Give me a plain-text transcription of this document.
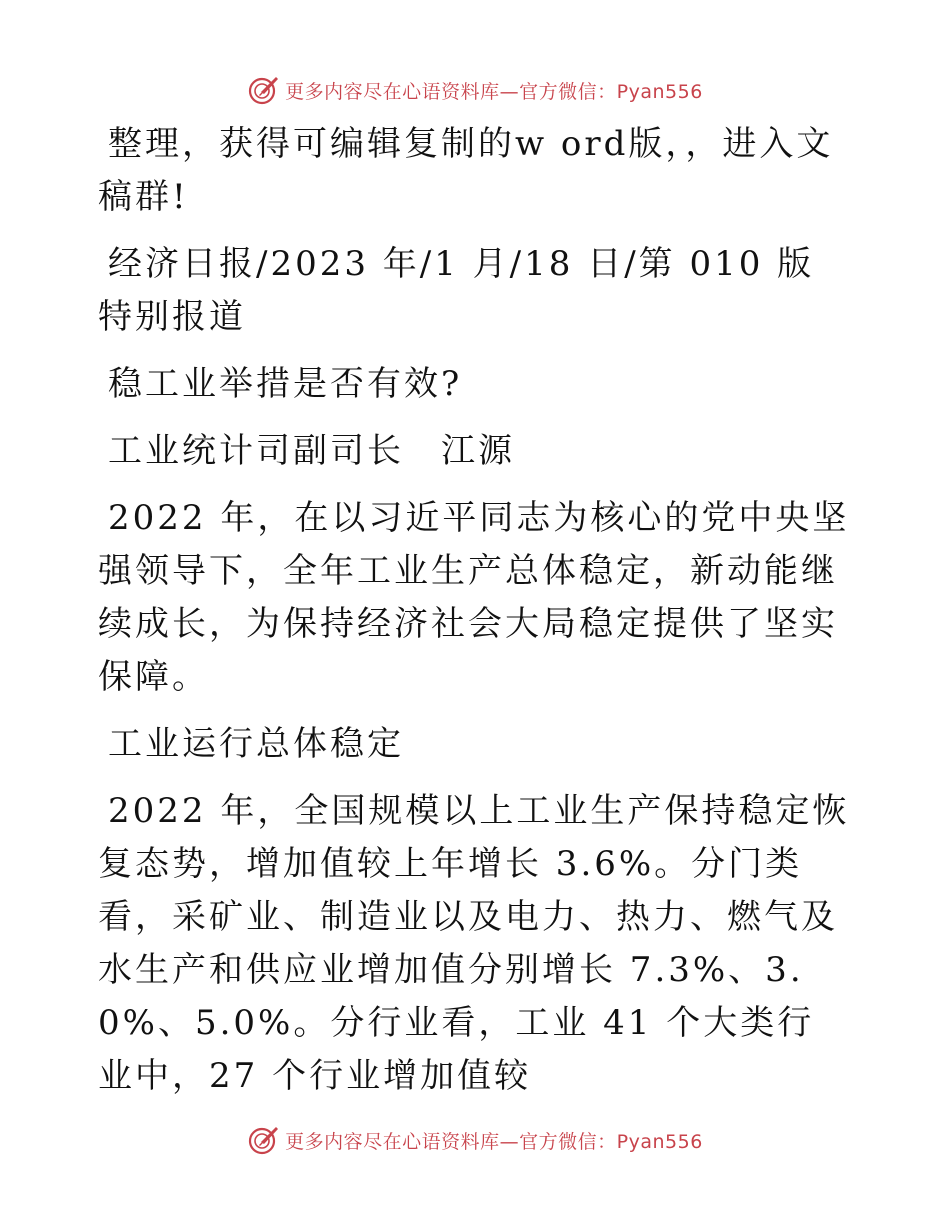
更多内容尽在心语资料库—官方微信：Pyan556

整理，获得可编辑复制的w ord版，，进入文稿群!

经济日报/2023 年/1 月/18 日/第 010 版特别报道

稳工业举措是否有效?

工业统计司副司长　江源

2022 年，在以习近平同志为核心的党中央坚强领导下，全年工业生产总体稳定，新动能继续成长，为保持经济社会大局稳定提供了坚实保障。

工业运行总体稳定

2022 年，全国规模以上工业生产保持稳定恢复态势，增加值较上年增长 3.6%。分门类看，采矿业、制造业以及电力、热力、燃气及水生产和供应业增加值分别增长 7.3%、3.0%、5.0%。分行业看，工业 41 个大类行业中，27 个行业增加值较

更多内容尽在心语资料库—官方微信：Pyan556
